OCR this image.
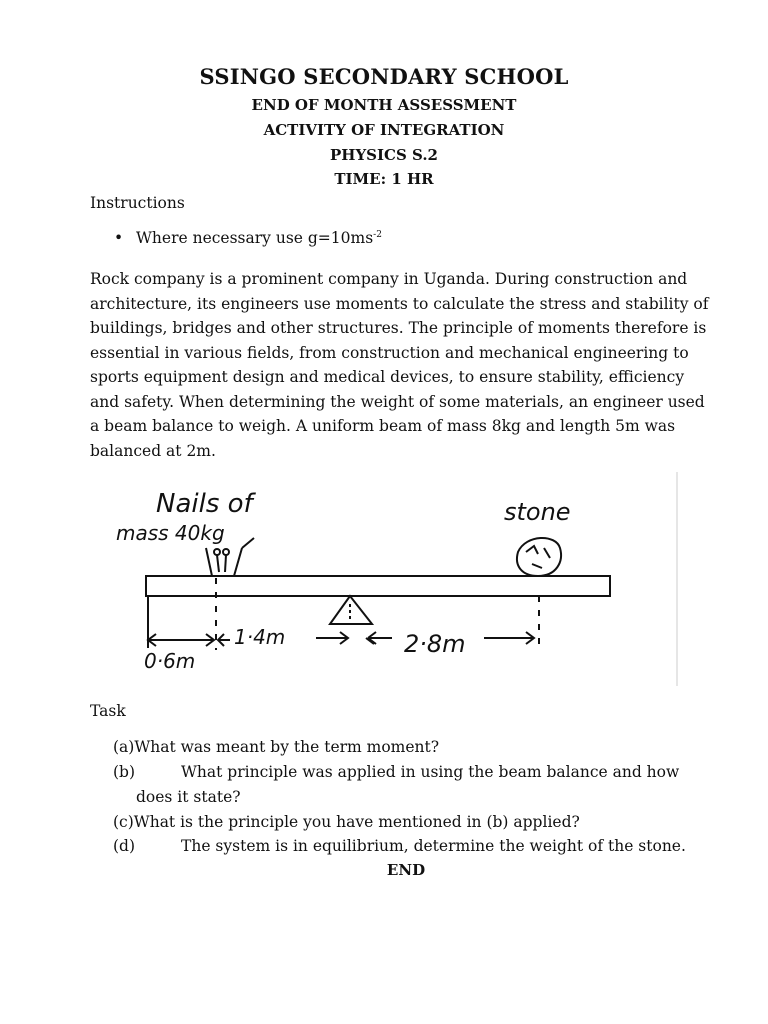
SSINGO SECONDARY SCHOOL
END OF MONTH ASSESSMENT
ACTIVITY OF INTEGRATION
PHYSICS S.2
TIME: 1 HR
Instructions
• Where necessary use $g=10ms^{-2}$
Rock company is a prominent company in Uganda. During construction and
architecture, its engineers use moments to calculate the stress and stability of
buildings, bridges and other structures. The principle of moments therefore is
essential in various fields, from construction and mechanical engineering to
sports equipment design and medical devices, to ensure stability, efficiency
and safety. When determining the weight of some materials, an engineer used
a beam balance to weigh. A uniform beam of mass 8kg and length 5m was
balanced at 2m.
Nails of
mass 40kg
stone
1·4m	2·8m
0·6m
Task
(a)What was meant by the term moment?
(b)	What principle was applied in using the beam balance and how
does it state?
(c)What is the principle you have mentioned in (b) applied?
(d)	The system is in equilibrium, determine the weight of the stone.
END
